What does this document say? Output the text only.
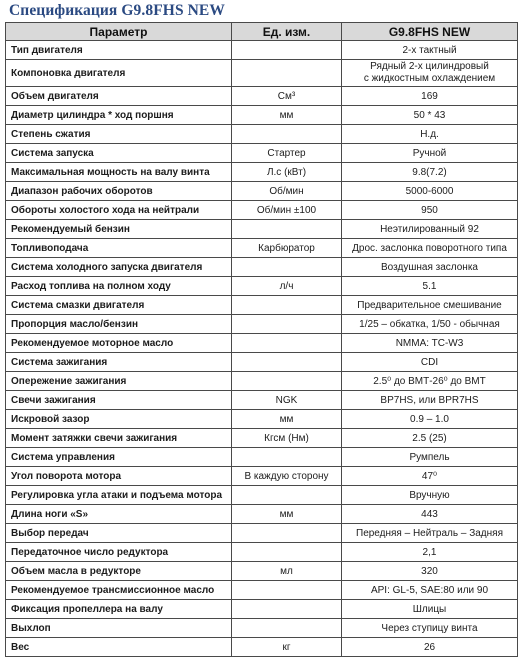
Спецификация G9.8FHS NEW
Параметр	Ед. изм.	G9.8FHS NEW
Тип двигателя		2-х тактный
Компоновка двигателя		Рядный 2-х цилиндровый
с жидкостным охлаждением

Объем двигателя	См³	169
Диаметр цилиндра * ход поршня	мм	50 * 43
Степень сжатия		Н.д.
Система запуска	Стартер	Ручной
Максимальная мощность на валу винта	Л.с (кВт)	9.8(7.2)
Диапазон рабочих оборотов	Об/мин	5000-6000
Обороты холостого хода на нейтрали	Об/мин ±100	950
Рекомендуемый бензин		Неэтилированный 92
Топливоподача	Карбюратор	Дрос. заслонка поворотного типа
Система холодного запуска двигателя		Воздушная заслонка
Расход топлива на полном ходу	л/ч	5.1
Система смазки двигателя		Предварительное смешивание
Пропорция масло/бензин		1/25 – обкатка, 1/50 - обычная
Рекомендуемое моторное масло		NMMA: TC-W3
Система зажигания		CDI
Опережение зажигания		2.5⁰ до ВМТ-26⁰ до ВМТ
Свечи зажигания	NGK	BP7HS, или BPR7HS
Искровой зазор	мм	0.9 – 1.0
Момент затяжки свечи зажигания	Кгсм (Нм)	2.5 (25)
Система управления		Румпель
Угол поворота мотора	В каждую сторону	47⁰
Регулировка угла атаки и подъема мотора		Вручную
Длина ноги «S»	мм	443
Выбор передач		Передняя – Нейтраль – Задняя
Передаточное число редуктора		2,1
Объем масла в редукторе	мл	320
Рекомендуемое трансмиссионное масло		API: GL-5, SAE:80 или 90
Фиксация пропеллера на валу		Шлицы
Выхлоп		Через ступицу винта
Вес	кг	26
